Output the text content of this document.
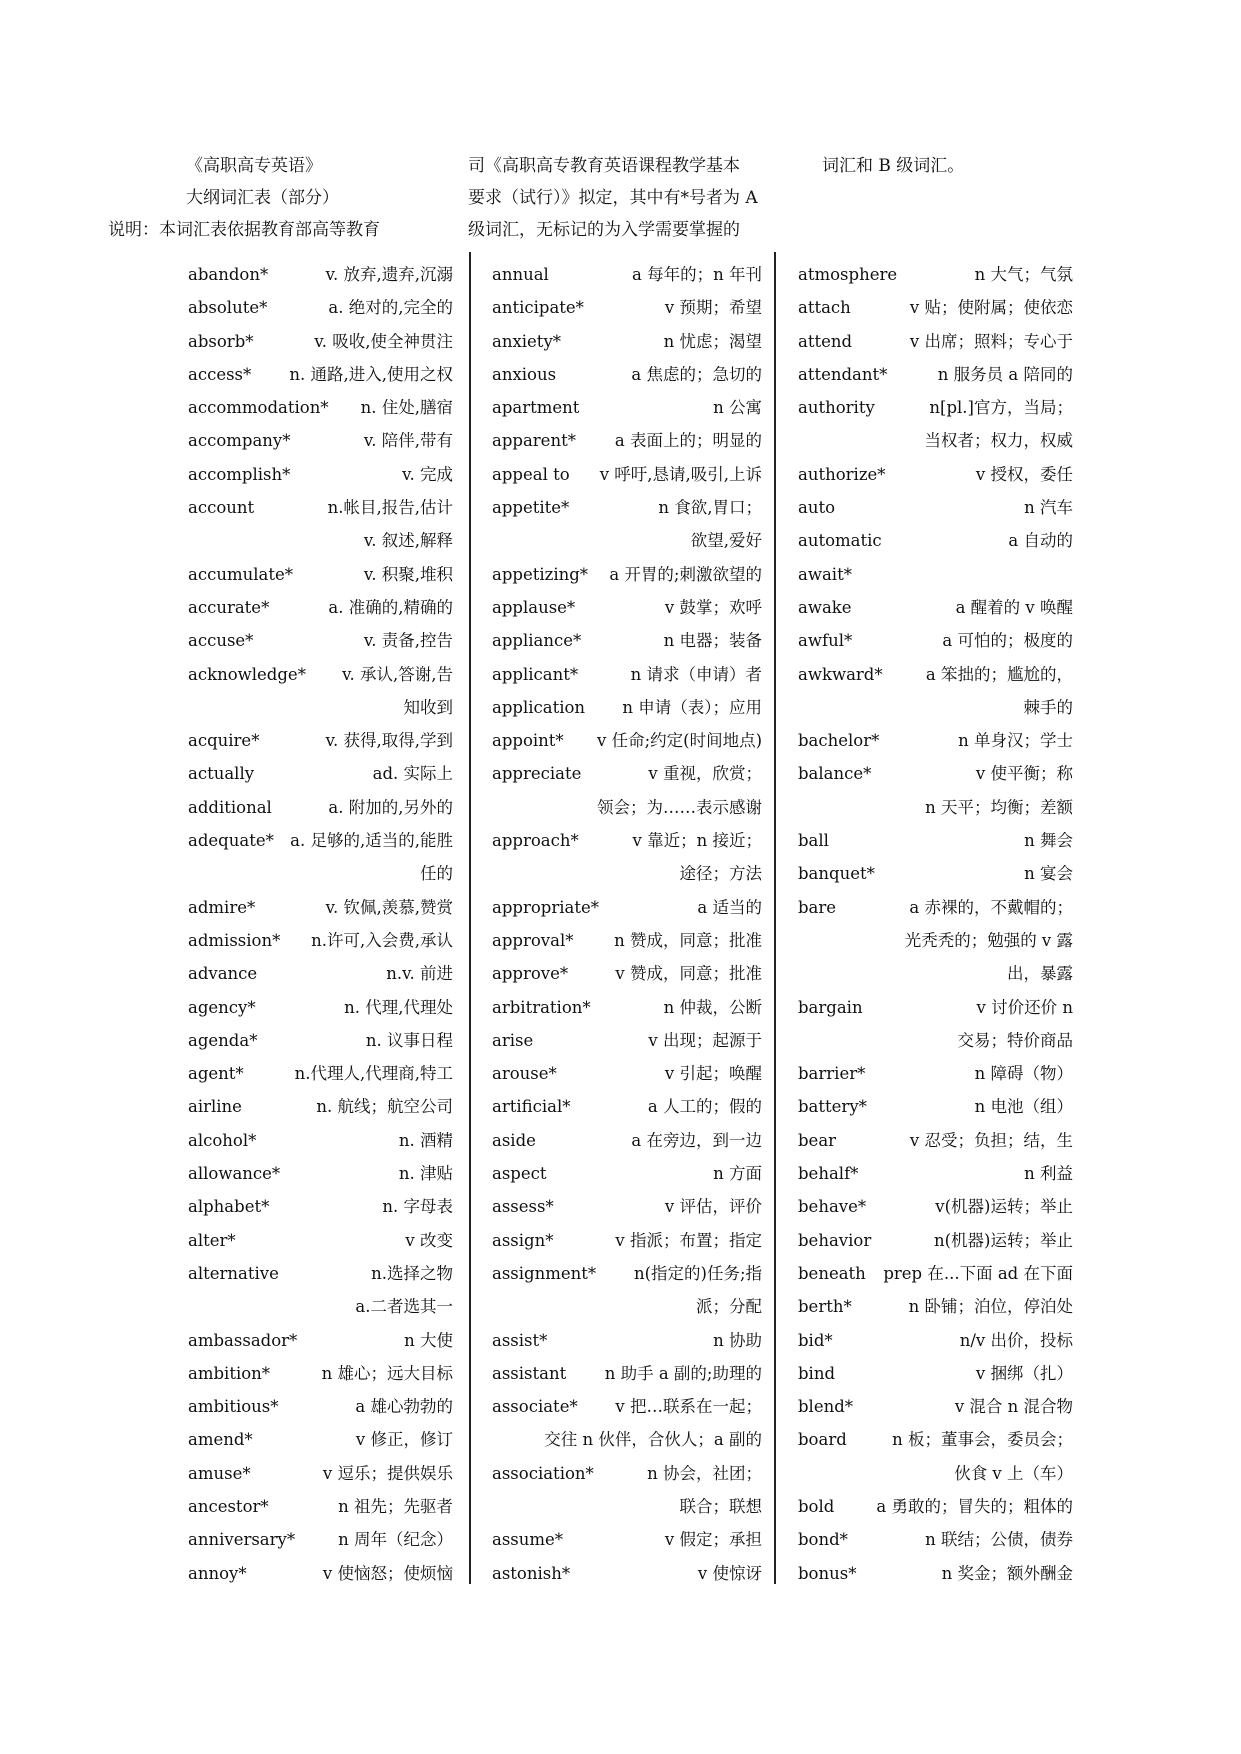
《高职高专英语》
大纲词汇表（部分）
说明：本词汇表依据教育部高等教育
司《高职高专教育英语课程教学基本
要求（试行）》拟定，其中有*号者为 A
级词汇，无标记的为入学需要掌握的
词汇和 B 级词汇。
abandon*	v. 放弃,遗弃,沉溺
absolute*	a. 绝对的,完全的
absorb*	v. 吸收,使全神贯注
access*	n. 通路,进入,使用之权
accommodation*	n. 住处,膳宿
accompany*	v. 陪伴,带有
accomplish*	v. 完成
account	n.帐目,报告,估计
v. 叙述,解释
accumulate*	v. 积聚,堆积
accurate*	a. 准确的,精确的
accuse*	v. 责备,控告
acknowledge*	v. 承认,答谢,告
知收到
acquire*	v. 获得,取得,学到
actually	ad. 实际上
additional	a. 附加的,另外的
adequate* a. 足够的,适当的,能胜
任的
admire*	v. 钦佩,羡慕,赞赏
admission*	n.许可,入会费,承认
advance	n.v. 前进
agency*	n. 代理,代理处
agenda*	n. 议事日程
agent*	n.代理人,代理商,特工
airline	n. 航线；航空公司
alcohol*	n. 酒精
allowance*	n. 津贴
alphabet*	n. 字母表
alter*	v 改变
alternative	n.选择之物
a.二者选其一
ambassador*	n 大使
ambition*	n 雄心；远大目标
ambitious*	a 雄心勃勃的
amend*	v 修正，修订
amuse*	v 逗乐；提供娱乐
ancestor*	n 祖先；先驱者
anniversary*	n 周年（纪念）
annoy*	v 使恼怒；使烦恼
annual	a 每年的；n 年刊
anticipate*	v 预期；希望
anxiety*	n 忧虑；渴望
anxious	a 焦虑的；急切的
apartment	n 公寓
apparent*	a 表面上的；明显的
appeal to	v 呼吁,恳请,吸引,上诉
appetite*	n 食欲,胃口；
欲望,爱好
appetizing*	a 开胃的;刺激欲望的
applause*	v 鼓掌；欢呼
appliance*	n 电器；装备
applicant*	n 请求（申请）者
application	n 申请（表）；应用
appoint*	v 任命;约定(时间地点)
appreciate	v 重视，欣赏；
领会；为……表示感谢
approach*	v 靠近；n 接近；
途径；方法
appropriate*	a 适当的
approval*	n 赞成，同意；批准
approve*	v 赞成，同意；批准
arbitration*	n 仲裁，公断
arise	v 出现；起源于
arouse*	v 引起；唤醒
artificial*	a 人工的；假的
aside	a 在旁边，到一边
aspect	n 方面
assess*	v 评估，评价
assign*	v 指派；布置；指定
assignment*	n(指定的)任务;指
派；分配
assist*	n 协助
assistant	n 助手 a 副的;助理的
associate*	v 把…联系在一起；
交往 n 伙伴，合伙人；a 副的
association*	n 协会，社团；
联合；联想
assume*	v 假定；承担
astonish*	v 使惊讶
atmosphere	n 大气；气氛
attach	v 贴；使附属；使依恋
attend	v 出席；照料；专心于
attendant*	n 服务员 a 陪同的
authority	n[pl.]官方，当局；
当权者；权力，权威
authorize*	v 授权，委任
auto	n 汽车
automatic	a 自动的
await*
awake	a 醒着的 v 唤醒
awful*	a 可怕的；极度的
awkward*	a 笨拙的；尴尬的，
棘手的
bachelor*	n 单身汉；学士
balance*	v 使平衡；称
n 天平；均衡；差额
ball	n 舞会
banquet*	n 宴会
bare	a 赤裸的，不戴帽的；
光秃秃的；勉强的 v 露
出，暴露
bargain	v 讨价还价 n
交易；特价商品
barrier*	n 障碍（物）
battery*	n 电池（组）
bear	v 忍受；负担；结，生
behalf*	n 利益
behave*	v(机器)运转；举止
behavior	n(机器)运转；举止
beneath	prep 在...下面 ad 在下面
berth*	n 卧铺；泊位，停泊处
bid*	n/v 出价，投标
bind	v 捆绑（扎）
blend*	v 混合 n 混合物
board	n 板；董事会，委员会；
伙食 v 上（车）
bold	a 勇敢的；冒失的；粗体的
bond*	n 联结；公债，债券
bonus*	n 奖金；额外酬金
